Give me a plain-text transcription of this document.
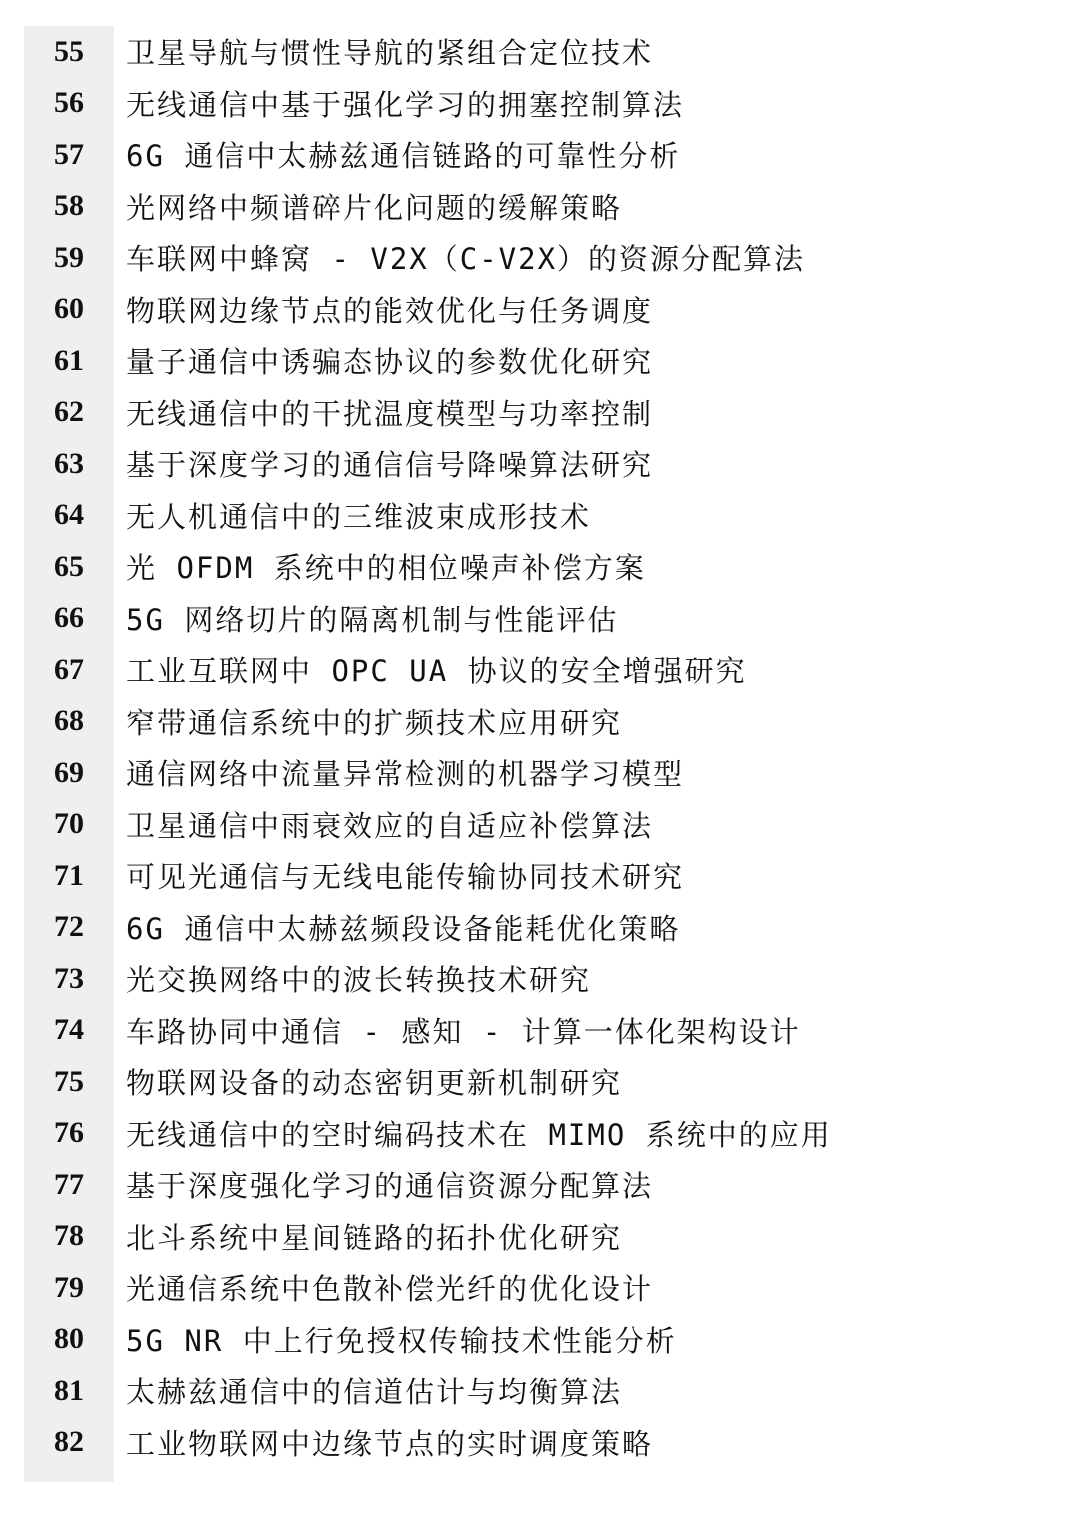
55	卫星导航与惯性导航的紧组合定位技术
56	无线通信中基于强化学习的拥塞控制算法
57	6G 通信中太赫兹通信链路的可靠性分析
58	光网络中频谱碎片化问题的缓解策略
59	车联网中蜂窝 - V2X（C-V2X）的资源分配算法
60	物联网边缘节点的能效优化与任务调度
61	量子通信中诱骗态协议的参数优化研究
62	无线通信中的干扰温度模型与功率控制
63	基于深度学习的通信信号降噪算法研究
64	无人机通信中的三维波束成形技术
65	光 OFDM 系统中的相位噪声补偿方案
66	5G 网络切片的隔离机制与性能评估
67	工业互联网中 OPC UA 协议的安全增强研究
68	窄带通信系统中的扩频技术应用研究
69	通信网络中流量异常检测的机器学习模型
70	卫星通信中雨衰效应的自适应补偿算法
71	可见光通信与无线电能传输协同技术研究
72	6G 通信中太赫兹频段设备能耗优化策略
73	光交换网络中的波长转换技术研究
74	车路协同中通信 - 感知 - 计算一体化架构设计
75	物联网设备的动态密钥更新机制研究
76	无线通信中的空时编码技术在 MIMO 系统中的应用
77	基于深度强化学习的通信资源分配算法
78	北斗系统中星间链路的拓扑优化研究
79	光通信系统中色散补偿光纤的优化设计
80	5G NR 中上行免授权传输技术性能分析
81	太赫兹通信中的信道估计与均衡算法
82	工业物联网中边缘节点的实时调度策略
